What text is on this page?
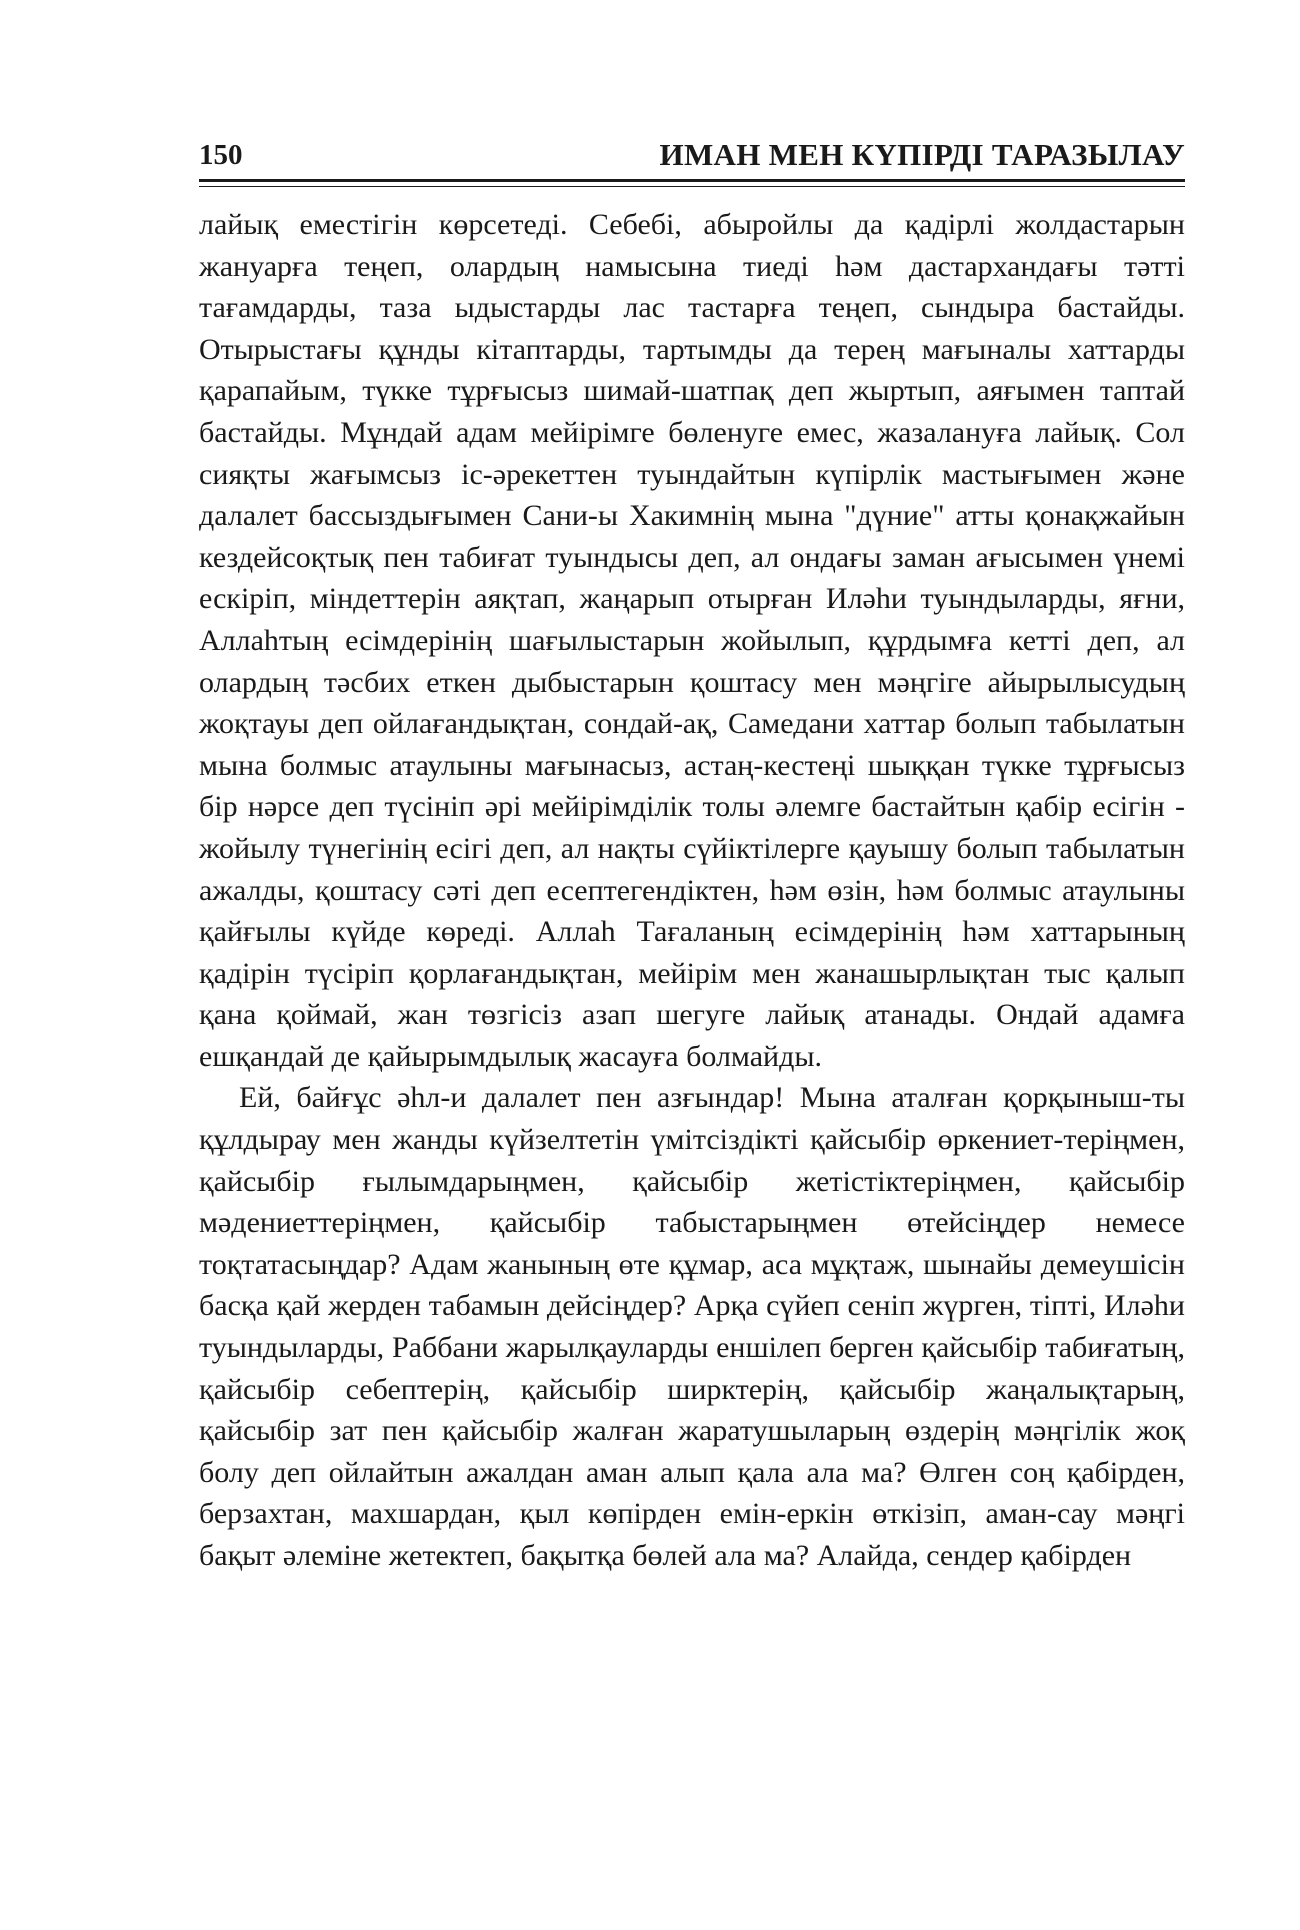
150	ИМАН МЕН КҮПІРДІ ТАРАЗЫЛАУ

лайық еместігін көрсетеді. Себебі, абыройлы да қадірлі жолдастарын жануарға теңеп, олардың намысына тиеді һәм дастархандағы тәтті тағамдарды, таза ыдыстарды лас тастарға теңеп, сындыра бастайды. Отырыстағы құнды кітаптарды, тартымды да терең мағыналы хаттарды қарапайым, түкке тұрғысыз шимай-шатпақ деп жыртып, аяғымен таптай бастайды. Мұндай адам мейірімге бөленуге емес, жазалануға лайық. Сол сияқты жағымсыз іс-әрекеттен туындайтын күпірлік мастығымен және далалет бассыздығымен Сани-ы Хакимнің мына "дүние" атты қонақжайын кездейсоқтық пен табиғат туындысы деп, ал ондағы заман ағысымен үнемі ескіріп, міндеттерін аяқтап, жаңарып отырған Иләһи туындыларды, яғни, Аллаһтың есімдерінің шағылыстарын жойылып, құрдымға кетті деп, ал олардың тәсбих еткен дыбыстарын қоштасу мен мәңгіге айырылысудың жоқтауы деп ойлағандықтан, сондай-ақ, Самедани хаттар болып табылатын мына болмыс атаулыны мағынасыз, астаң-кестеңі шыққан түкке тұрғысыз бір нәрсе деп түсініп әрі мейірімділік толы әлемге бастайтын қабір есігін - жойылу түнегінің есігі деп, ал нақты сүйіктілерге қауышу болып табылатын ажалды, қоштасу сәті деп есептегендіктен, һәм өзін, һәм болмыс атаулыны қайғылы күйде көреді. Аллаһ Тағаланың есімдерінің һәм хаттарының қадірін түсіріп қорлағандықтан, мейірім мен жанашырлықтан тыс қалып қана қоймай, жан төзгісіз азап шегуге лайық атанады. Ондай адамға ешқандай де қайырымдылық жасауға болмайды.

Ей, байғұс әһл-и далалет пен азғындар! Мына аталған қорқыныш-ты құлдырау мен жанды күйзелтетін үмітсіздікті қайсыбір өркениет-теріңмен, қайсыбір ғылымдарыңмен, қайсыбір жетістіктеріңмен, қайсыбір мәдениеттеріңмен, қайсыбір табыстарыңмен өтейсіңдер немесе тоқтатасыңдар? Адам жанының өте құмар, аса мұқтаж, шынайы демеушісін басқа қай жерден табамын дейсіңдер? Арқа сүйеп сеніп жүрген, тіпті, Иләһи туындыларды, Раббани жарылқауларды еншілеп берген қайсыбір табиғатың, қайсыбір себептерің, қайсыбір ширктерің, қайсыбір жаңалықтарың, қайсыбір зат пен қайсыбір жалған жаратушыларың өздерің мәңгілік жоқ болу деп ойлайтын ажалдан аман алып қала ала ма? Өлген соң қабірден, берзахтан, махшардан, қыл көпірден емін-еркін өткізіп, аман-сау мәңгі бақыт әлеміне жетектеп, бақытқа бөлей ала ма? Алайда, сендер қабірден
